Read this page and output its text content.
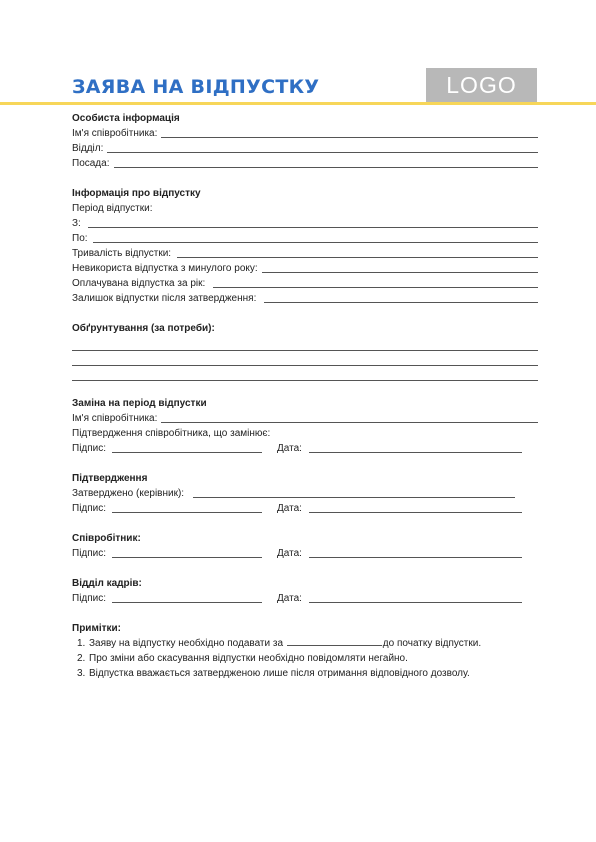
ЗАЯВА НА ВІДПУСТКУ	LOGO
Особиста інформація
Ім'я співробітника:
Відділ:
Посада:
Інформація про відпустку
Період відпустки:
З:
По:
Тривалість відпустки:
Невикориста відпустка з минулого року:
Оплачувана відпустка за рік:
Залишок відпустки після затвердження:
Обґрунтування (за потреби):
Заміна на період відпустки
Ім'я співробітника:
Підтвердження співробітника, що замінює:
Підпис:	Дата:
Підтвердження
Затверджено (керівник):
Підпис:	Дата:
Співробітник:
Підпис:	Дата:
Відділ кадрів:
Підпис:	Дата:
Примітки:
1. Заяву на відпустку необхідно подавати за	до початку відпустки.
2. Про зміни або скасування відпустки необхідно повідомляти негайно.
3. Відпустка вважається затвердженою лише після отримання відповідного дозволу.
